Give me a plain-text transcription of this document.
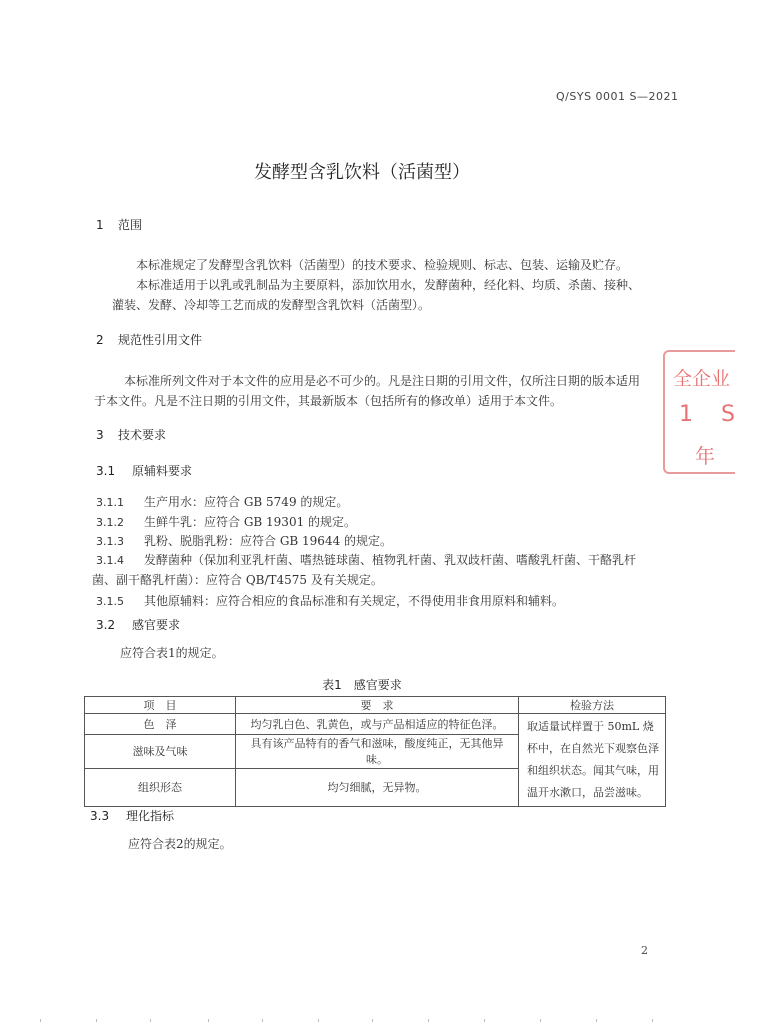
Q/SYS 0001 S—2021
发酵型含乳饮料（活菌型）
1 范围
本标准规定了发酵型含乳饮料（活菌型）的技术要求、检验规则、标志、包装、运输及贮存。
本标准适用于以乳或乳制品为主要原料，添加饮用水，发酵菌种，经化料、均质、杀菌、接种、
灌装、发酵、冷却等工艺而成的发酵型含乳饮料（活菌型）。
2 规范性引用文件
本标准所列文件对于本文件的应用是必不可少的。凡是注日期的引用文件，仅所注日期的版本适用
于本文件。凡是不注日期的引用文件，其最新版本（包括所有的修改单）适用于本文件。
3 技术要求
3.1 原辅料要求
3.1.1 生产用水：应符合 GB 5749 的规定。
3.1.2 生鲜牛乳：应符合 GB 19301 的规定。
3.1.3 乳粉、脱脂乳粉：应符合 GB 19644 的规定。
3.1.4 发酵菌种（保加利亚乳杆菌、嗜热链球菌、植物乳杆菌、乳双歧杆菌、嗜酸乳杆菌、干酪乳杆
菌、副干酪乳杆菌）：应符合 QB/T4575 及有关规定。
3.1.5 其他原辅料：应符合相应的食品标准和有关规定，不得使用非食用原料和辅料。
3.2 感官要求
应符合表1的规定。
表1　感官要求
项　目	要　求	检验方法
色　泽	均匀乳白色、乳黄色，或与产品相适应的特征色泽。	取适量试样置于 50mL 烧杯中，在自然光下观察色泽和组织状态。闻其气味，用温开水漱口，品尝滋味。
滋味及气味	具有该产品特有的香气和滋味，酸度纯正，无其他异味。	
组织形态	均匀细腻，无异物。	
3.3 理化指标
应符合表2的规定。
2
全企业
1S
年
